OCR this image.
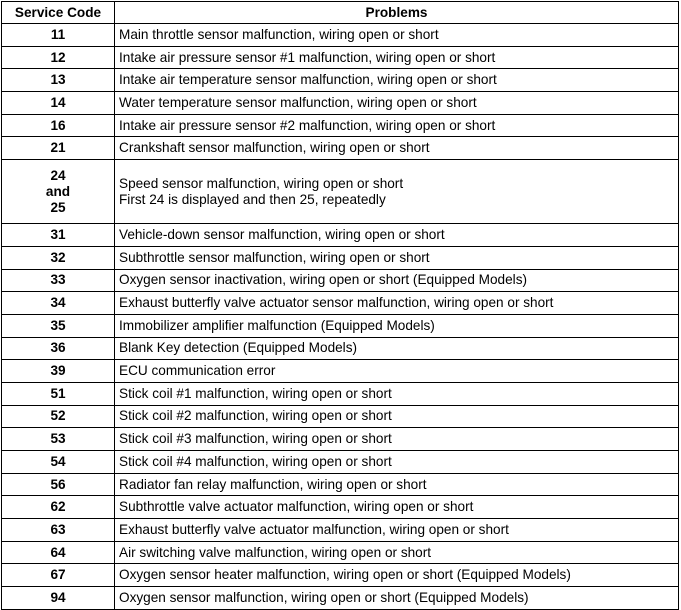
Service Code	Problems
11	Main throttle sensor malfunction, wiring open or short
12	Intake air pressure sensor #1 malfunction, wiring open or short
13	Intake air temperature sensor malfunction, wiring open or short
14	Water temperature sensor malfunction, wiring open or short
16	Intake air pressure sensor #2 malfunction, wiring open or short
21	Crankshaft sensor malfunction, wiring open or short

24
and
25	Speed sensor malfunction, wiring open or short
First 24 is displayed and then 25, repeatedly

31	Vehicle-down sensor malfunction, wiring open or short
32	Subthrottle sensor malfunction, wiring open or short
33	Oxygen sensor inactivation, wiring open or short (Equipped Models)
34	Exhaust butterfly valve actuator sensor malfunction, wiring open or short
35	Immobilizer amplifier malfunction (Equipped Models)
36	Blank Key detection (Equipped Models)
39	ECU communication error
51	Stick coil #1 malfunction, wiring open or short
52	Stick coil #2 malfunction, wiring open or short
53	Stick coil #3 malfunction, wiring open or short
54	Stick coil #4 malfunction, wiring open or short
56	Radiator fan relay malfunction, wiring open or short
62	Subthrottle valve actuator malfunction, wiring open or short
63	Exhaust butterfly valve actuator malfunction, wiring open or short
64	Air switching valve malfunction, wiring open or short
67	Oxygen sensor heater malfunction, wiring open or short (Equipped Models)
94	Oxygen sensor malfunction, wiring open or short (Equipped Models)
